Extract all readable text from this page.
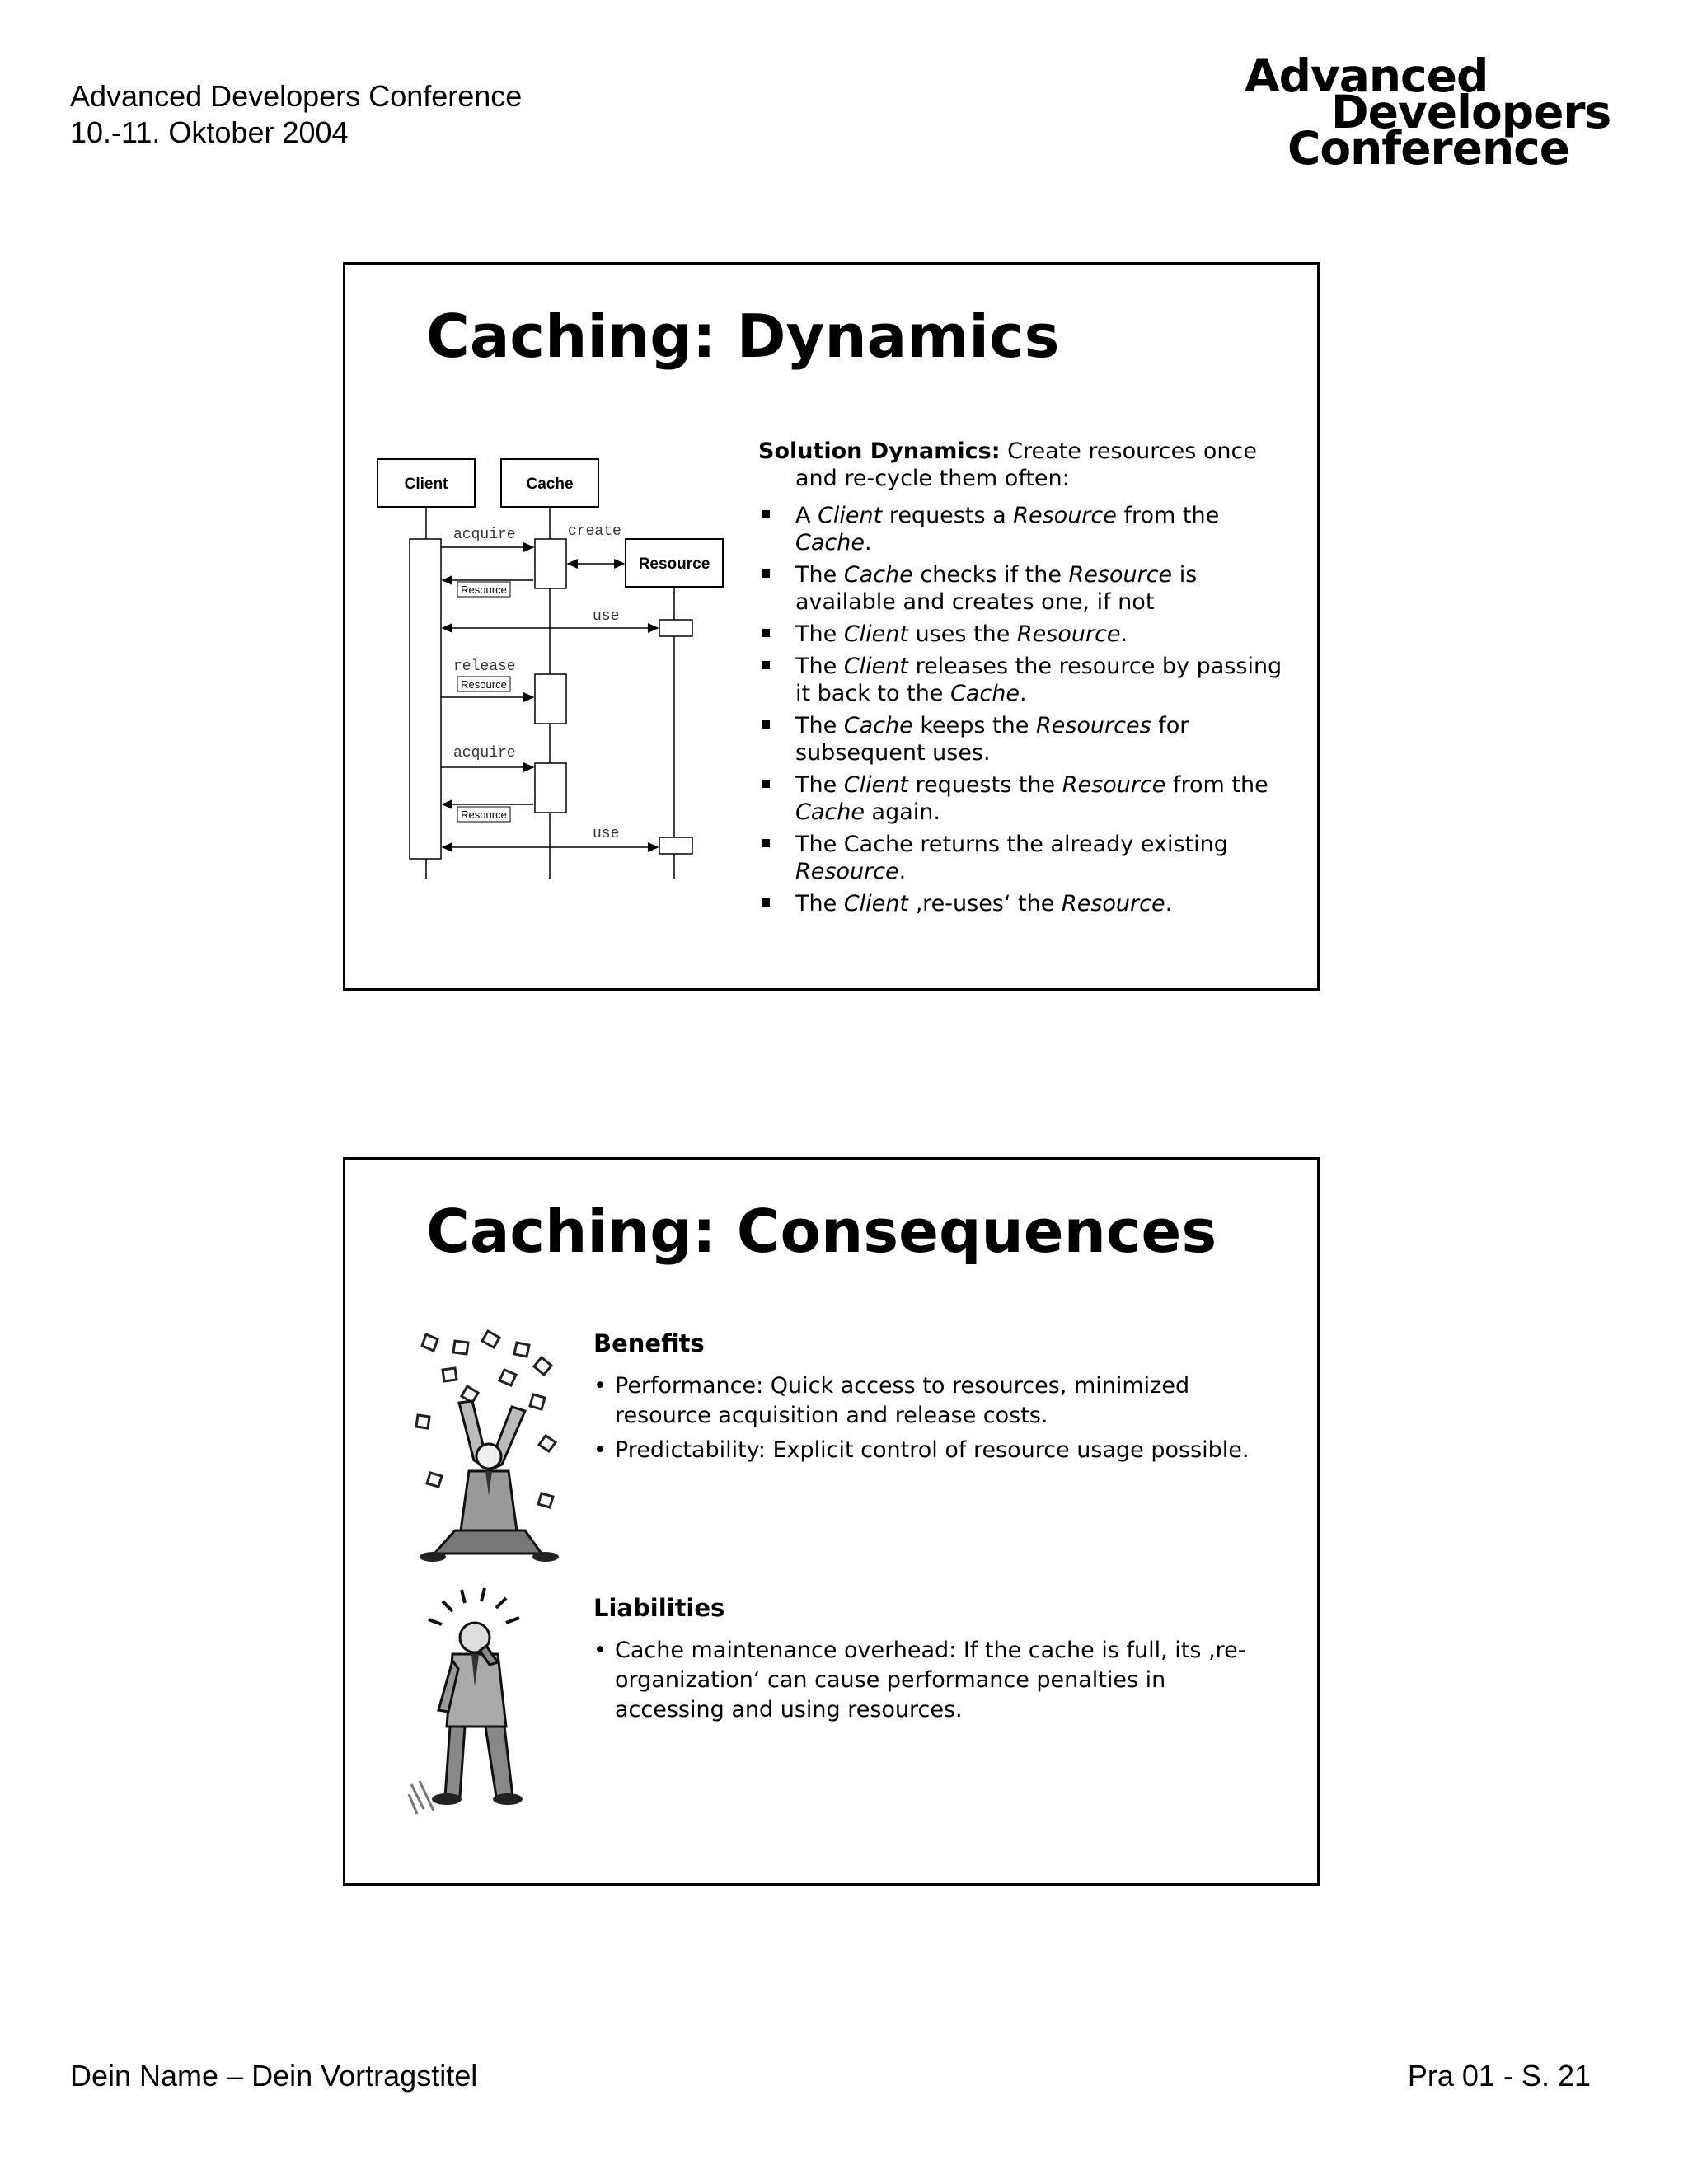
Advanced Developers Conference
10.-11. Oktober 2004
Advanced
Developers
Conference
Caching: Dynamics
Client	Cache
Resource
acquire	create
Resource
use
release
Resource
acquire
Resource
use
Solution Dynamics: Create resources once and re-cycle them often:
A Client requests a Resource from the Cache.
The Cache checks if the Resource is available and creates one, if not
The Client uses the Resource.
The Client releases the resource by passing it back to the Cache.
The Cache keeps the Resources for subsequent uses.
The Client requests the Resource from the Cache again.
The Cache returns the already existing Resource.
The Client ‚re-uses‘ the Resource.
Caching: Consequences
Benefits
• Performance: Quick access to resources, minimized resource acquisition and release costs.
• Predictability: Explicit control of resource usage possible.
Liabilities
• Cache maintenance overhead: If the cache is full, its ‚re-organization‘ can cause performance penalties in accessing and using resources.
Dein Name – Dein Vortragstitel	Pra 01 - S. 21
